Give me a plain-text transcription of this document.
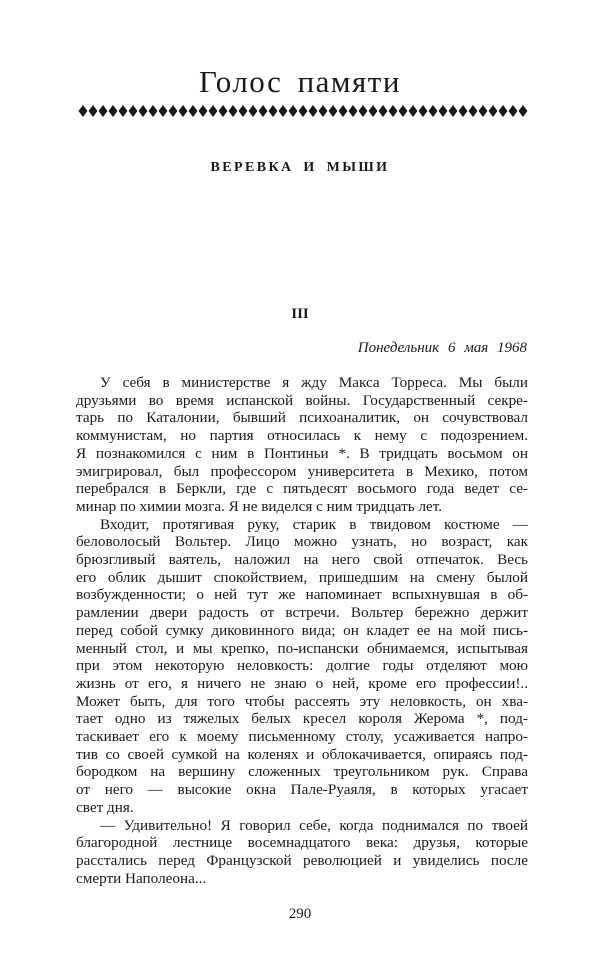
Голос памяти
ВЕРЕВКА И МЫШИ
III
Понедельник 6 мая 1968
У себя в министерстве я жду Макса Торреса. Мы были
друзьями во время испанской войны. Государственный секре-
тарь по Каталонии, бывший психоаналитик, он сочувствовал
коммунистам, но партия относилась к нему с подозрением.
Я познакомился с ним в Понтиньи *. В тридцать восьмом он
эмигрировал, был профессором университета в Мехико, потом
перебрался в Беркли, где с пятьдесят восьмого года ведет се-
минар по химии мозга. Я не виделся с ним тридцать лет.
Входит, протягивая руку, старик в твидовом костюме —
беловолосый Вольтер. Лицо можно узнать, но возраст, как
брюзгливый ваятель, наложил на него свой отпечаток. Весь
его облик дышит спокойствием, пришедшим на смену былой
возбужденности; о ней тут же напоминает вспыхнувшая в об-
рамлении двери радость от встречи. Вольтер бережно держит
перед собой сумку диковинного вида; он кладет ее на мой пись-
менный стол, и мы крепко, по-испански обнимаемся, испытывая
при этом некоторую неловкость: долгие годы отделяют мою
жизнь от его, я ничего не знаю о ней, кроме его профессии!..
Может быть, для того чтобы рассеять эту неловкость, он хва-
тает одно из тяжелых белых кресел короля Жерома *, под-
таскивает его к моему письменному столу, усаживается напро-
тив со своей сумкой на коленях и облокачивается, опираясь под-
бородком на вершину сложенных треугольником рук. Справа
от него — высокие окна Пале-Руаяля, в которых угасает
свет дня.
— Удивительно! Я говорил себе, когда поднимался по твоей
благородной лестнице восемнадцатого века: друзья, которые
расстались перед Французской революцией и увиделись после
смерти Наполеона...
290
